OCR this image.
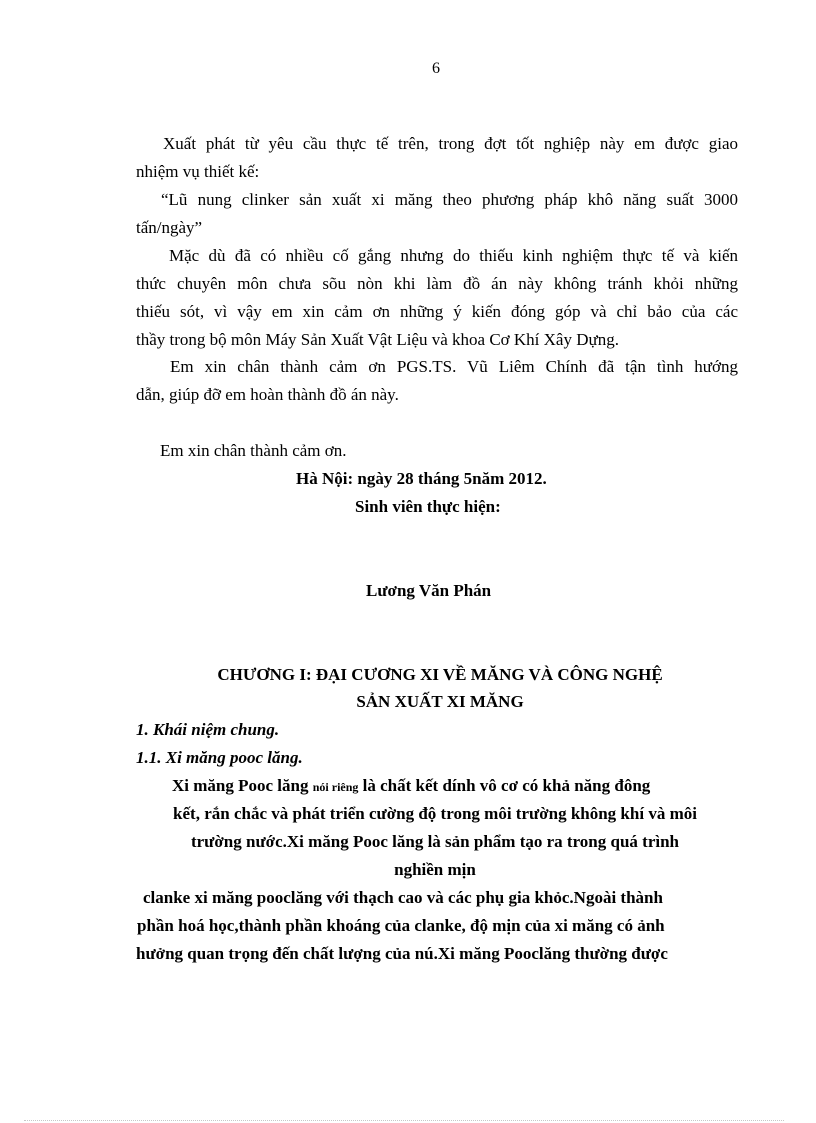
6
Xuất phát từ yêu cầu thực tế trên, trong đợt tốt nghiệp này em được giao
nhiệm vụ thiết kế:
“Lũ nung clinker sản xuất xi măng theo phương pháp khô năng suất 3000
tấn/ngày”
Mặc dù đã có nhiều cố gắng nhưng do thiếu kinh nghiệm thực tế và kiến
thức chuyên môn chưa sõu nòn khi làm đồ án này không tránh khỏi những
thiếu sót, vì vậy em xin cảm ơn những ý kiến đóng góp và chỉ bảo của các
thầy trong bộ môn Máy Sản Xuất Vật Liệu và khoa Cơ Khí Xây Dựng.
Em xin chân thành cảm ơn PGS.TS. Vũ Liêm Chính đã tận tình hướng
dẫn, giúp đỡ em hoàn thành đồ án này.
Em xin chân thành cảm ơn.
Hà Nội: ngày 28 tháng 5năm 2012.
Sinh viên thực hiện:
Lương Văn Phán
CHƯƠNG I: ĐẠI CƯƠNG XI VỀ MĂNG VÀ CÔNG NGHỆ
SẢN XUẤT XI MĂNG
1. Khái niệm chung.
1.1. Xi măng pooc lăng.
Xi măng Pooc lăng nói riêng là chất kết dính vô cơ có khả năng đông
kết, rắn chắc và phát triển cường độ trong môi trường không khí và môi
trường nước.Xi măng Pooc lăng là sản phẩm tạo ra trong quá trình
nghiền mịn
clanke xi măng pooclăng với thạch cao và các phụ gia khỏc.Ngoài thành
phần hoá học,thành phần khoáng của clanke, độ mịn của xi măng có ảnh
hưởng quan trọng đến chất lượng của nú.Xi măng Pooclăng thường được
